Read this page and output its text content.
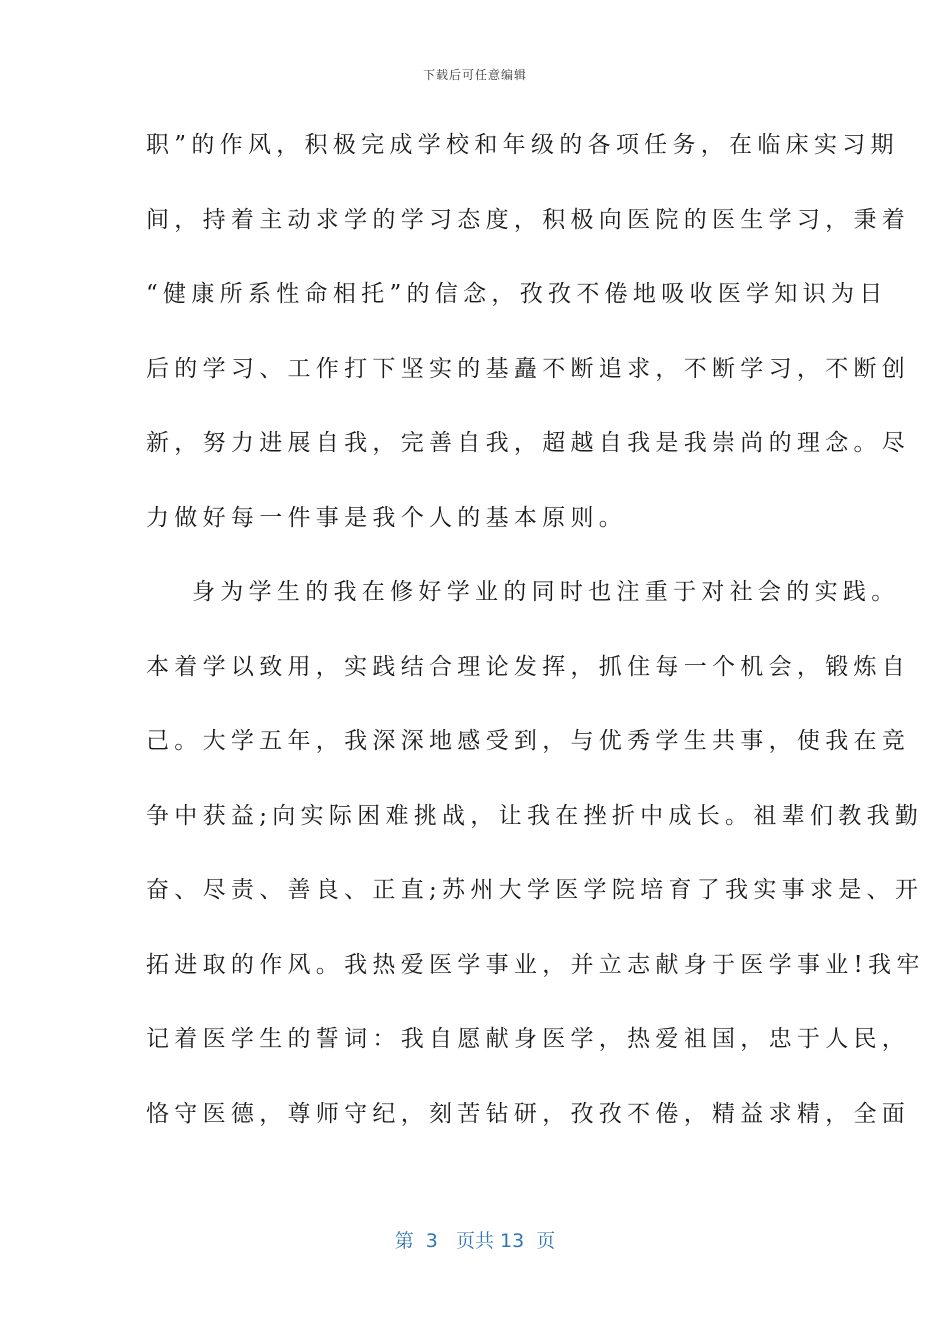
下载后可任意编辑
职”的作风，积极完成学校和年级的各项任务，在临床实习期
间，持着主动求学的学习态度，积极向医院的医生学习，秉着
“健康所系性命相托”的信念，孜孜不倦地吸收医学知识为日
后的学习、工作打下坚实的基矗不断追求，不断学习，不断创
新，努力进展自我，完善自我，超越自我是我崇尚的理念。尽
力做好每一件事是我个人的基本原则。
身为学生的我在修好学业的同时也注重于对社会的实践。
本着学以致用，实践结合理论发挥，抓住每一个机会，锻炼自
己。大学五年，我深深地感受到，与优秀学生共事，使我在竞
争中获益;向实际困难挑战，让我在挫折中成长。祖辈们教我勤
奋、尽责、善良、正直;苏州大学医学院培育了我实事求是、开
拓进取的作风。我热爱医学事业，并立志献身于医学事业!我牢
记着医学生的誓词：我自愿献身医学，热爱祖国，忠于人民，
恪守医德，尊师守纪，刻苦钻研，孜孜不倦，精益求精，全面
第  3   页共 13  页
